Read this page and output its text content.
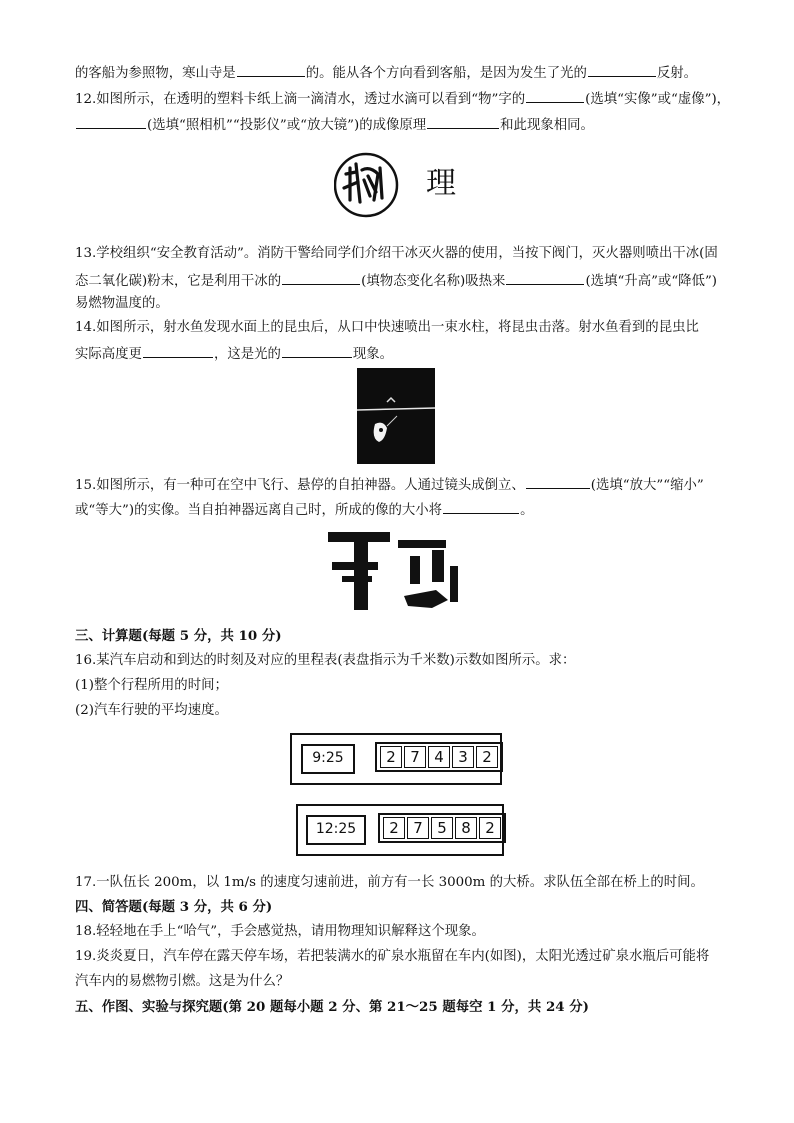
的客船为参照物，寒山寺是	的。能从各个方向看到客船，是因为发生了光的	反射。
12.如图所示，在透明的塑料卡纸上滴一滴清水，透过水滴可以看到“物”字的	(选填“实像”或“虚像”)，
(选填“照相机”“投影仪”或“放大镜”)的成像原理	和此现象相同。
理
13.学校组织“安全教育活动”。消防干警给同学们介绍干冰灭火器的使用，当按下阀门，灭火器则喷出干冰(固
态二氧化碳)粉末，它是利用干冰的	(填物态变化名称)吸热来	(选填“升高”或“降低”)
易燃物温度的。
14.如图所示，射水鱼发现水面上的昆虫后，从口中快速喷出一束水柱，将昆虫击落。射水鱼看到的昆虫比
实际高度更	，这是光的	现象。
15.如图所示，有一种可在空中飞行、悬停的自拍神器。人通过镜头成倒立、	(选填“放大”“缩小”
或“等大”)的实像。当自拍神器远离自己时，所成的像的大小将	。
三、计算题(每题 5 分，共 10 分)
16.某汽车启动和到达的时刻及对应的里程表(表盘指示为千米数)示数如图所示。求：
(1)整个行程所用的时间；
(2)汽车行驶的平均速度。
9:25	2 7 4 3 2
12:25	2 7 5 8 2
17.一队伍长 200m，以 1m/s 的速度匀速前进，前方有一长 3000m 的大桥。求队伍全部在桥上的时间。
四、简答题(每题 3 分，共 6 分)
18.轻轻地在手上“哈气”，手会感觉热，请用物理知识解释这个现象。
19.炎炎夏日，汽车停在露天停车场，若把装满水的矿泉水瓶留在车内(如图)，太阳光透过矿泉水瓶后可能将
汽车内的易燃物引燃。这是为什么？
五、作图、实验与探究题(第 20 题每小题 2 分、第 21～25 题每空 1 分，共 24 分)
